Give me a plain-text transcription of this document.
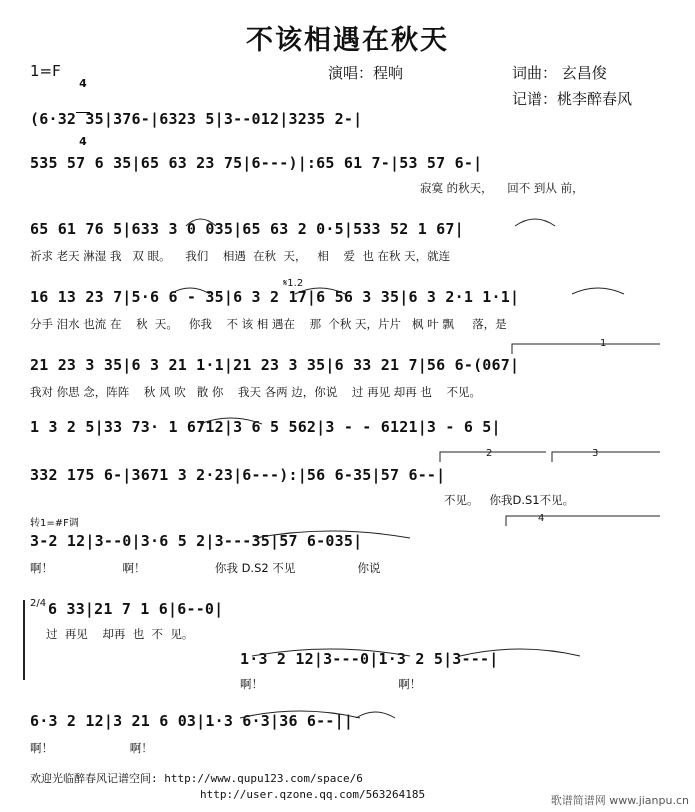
不该相遇在秋天
1=F

4

4

演唱：程响	词曲： 玄昌俊
记谱：桃李醉春风
(6·32 35|376-|6323 5|3--012|3235 2-|
535 57 6 35|65 63 23 75|6---)|:65 61 7-|53 57 6-|
寂寞 的秋天，    回不 到从 前，
65 61 76 5|633 3 0 035|65 63 2 0·5|533 52 1 67|
祈求 老天 淋湿 我   双 眼。    我们    相遇  在秋  天，   相    爱  也 在秋 天，就连
16 13 23 7|5·6 6 - 35|6 3 2 17|6 56 3 35|6 3 2·1 1·1|
分手 泪水 也流 在    秋  天。   你我    不 该 相 遇在    那  个秋 天，片片   枫 叶 飘     落，是
21 23 3 35|6 3 21 1·1|21 23 3 35|6 33 21 7|56 6-(067|
我对 你思 念，阵阵    秋 风 吹   散 你    我天 各两 边，你说    过 再见 却再 也    不见。
1 3 2 5|33 73· 1 6712|3 6 5 562|3 - - 6121|3 - 6 5|
332 175 6-|3671 3 2·23|6---):|56 6-35|57 6--|
不见。   你我D.S1不见。
转1=#F调
3-2 12|3--0|3·6 5 2|3---35|57 6-035|
啊！                   啊！                   你我 D.S2 不见                 你说
2/4 6 33|21 7 1 6|6--0|
过  再见    却再  也  不  见。
1·3 2 12|3---0|1·3 2 5|3---|
啊！                                     啊！
6·3 2 12|3 21 6 03|1·3 6·3|36 6--||
啊！                     啊！
𝄋1.2
1
2	3
4
欢迎光临醉春风记谱空间: http://www.qupu123.com/space/6
http://user.qzone.qq.com/563264185	歌谱简谱网 www.jianpu.cn
